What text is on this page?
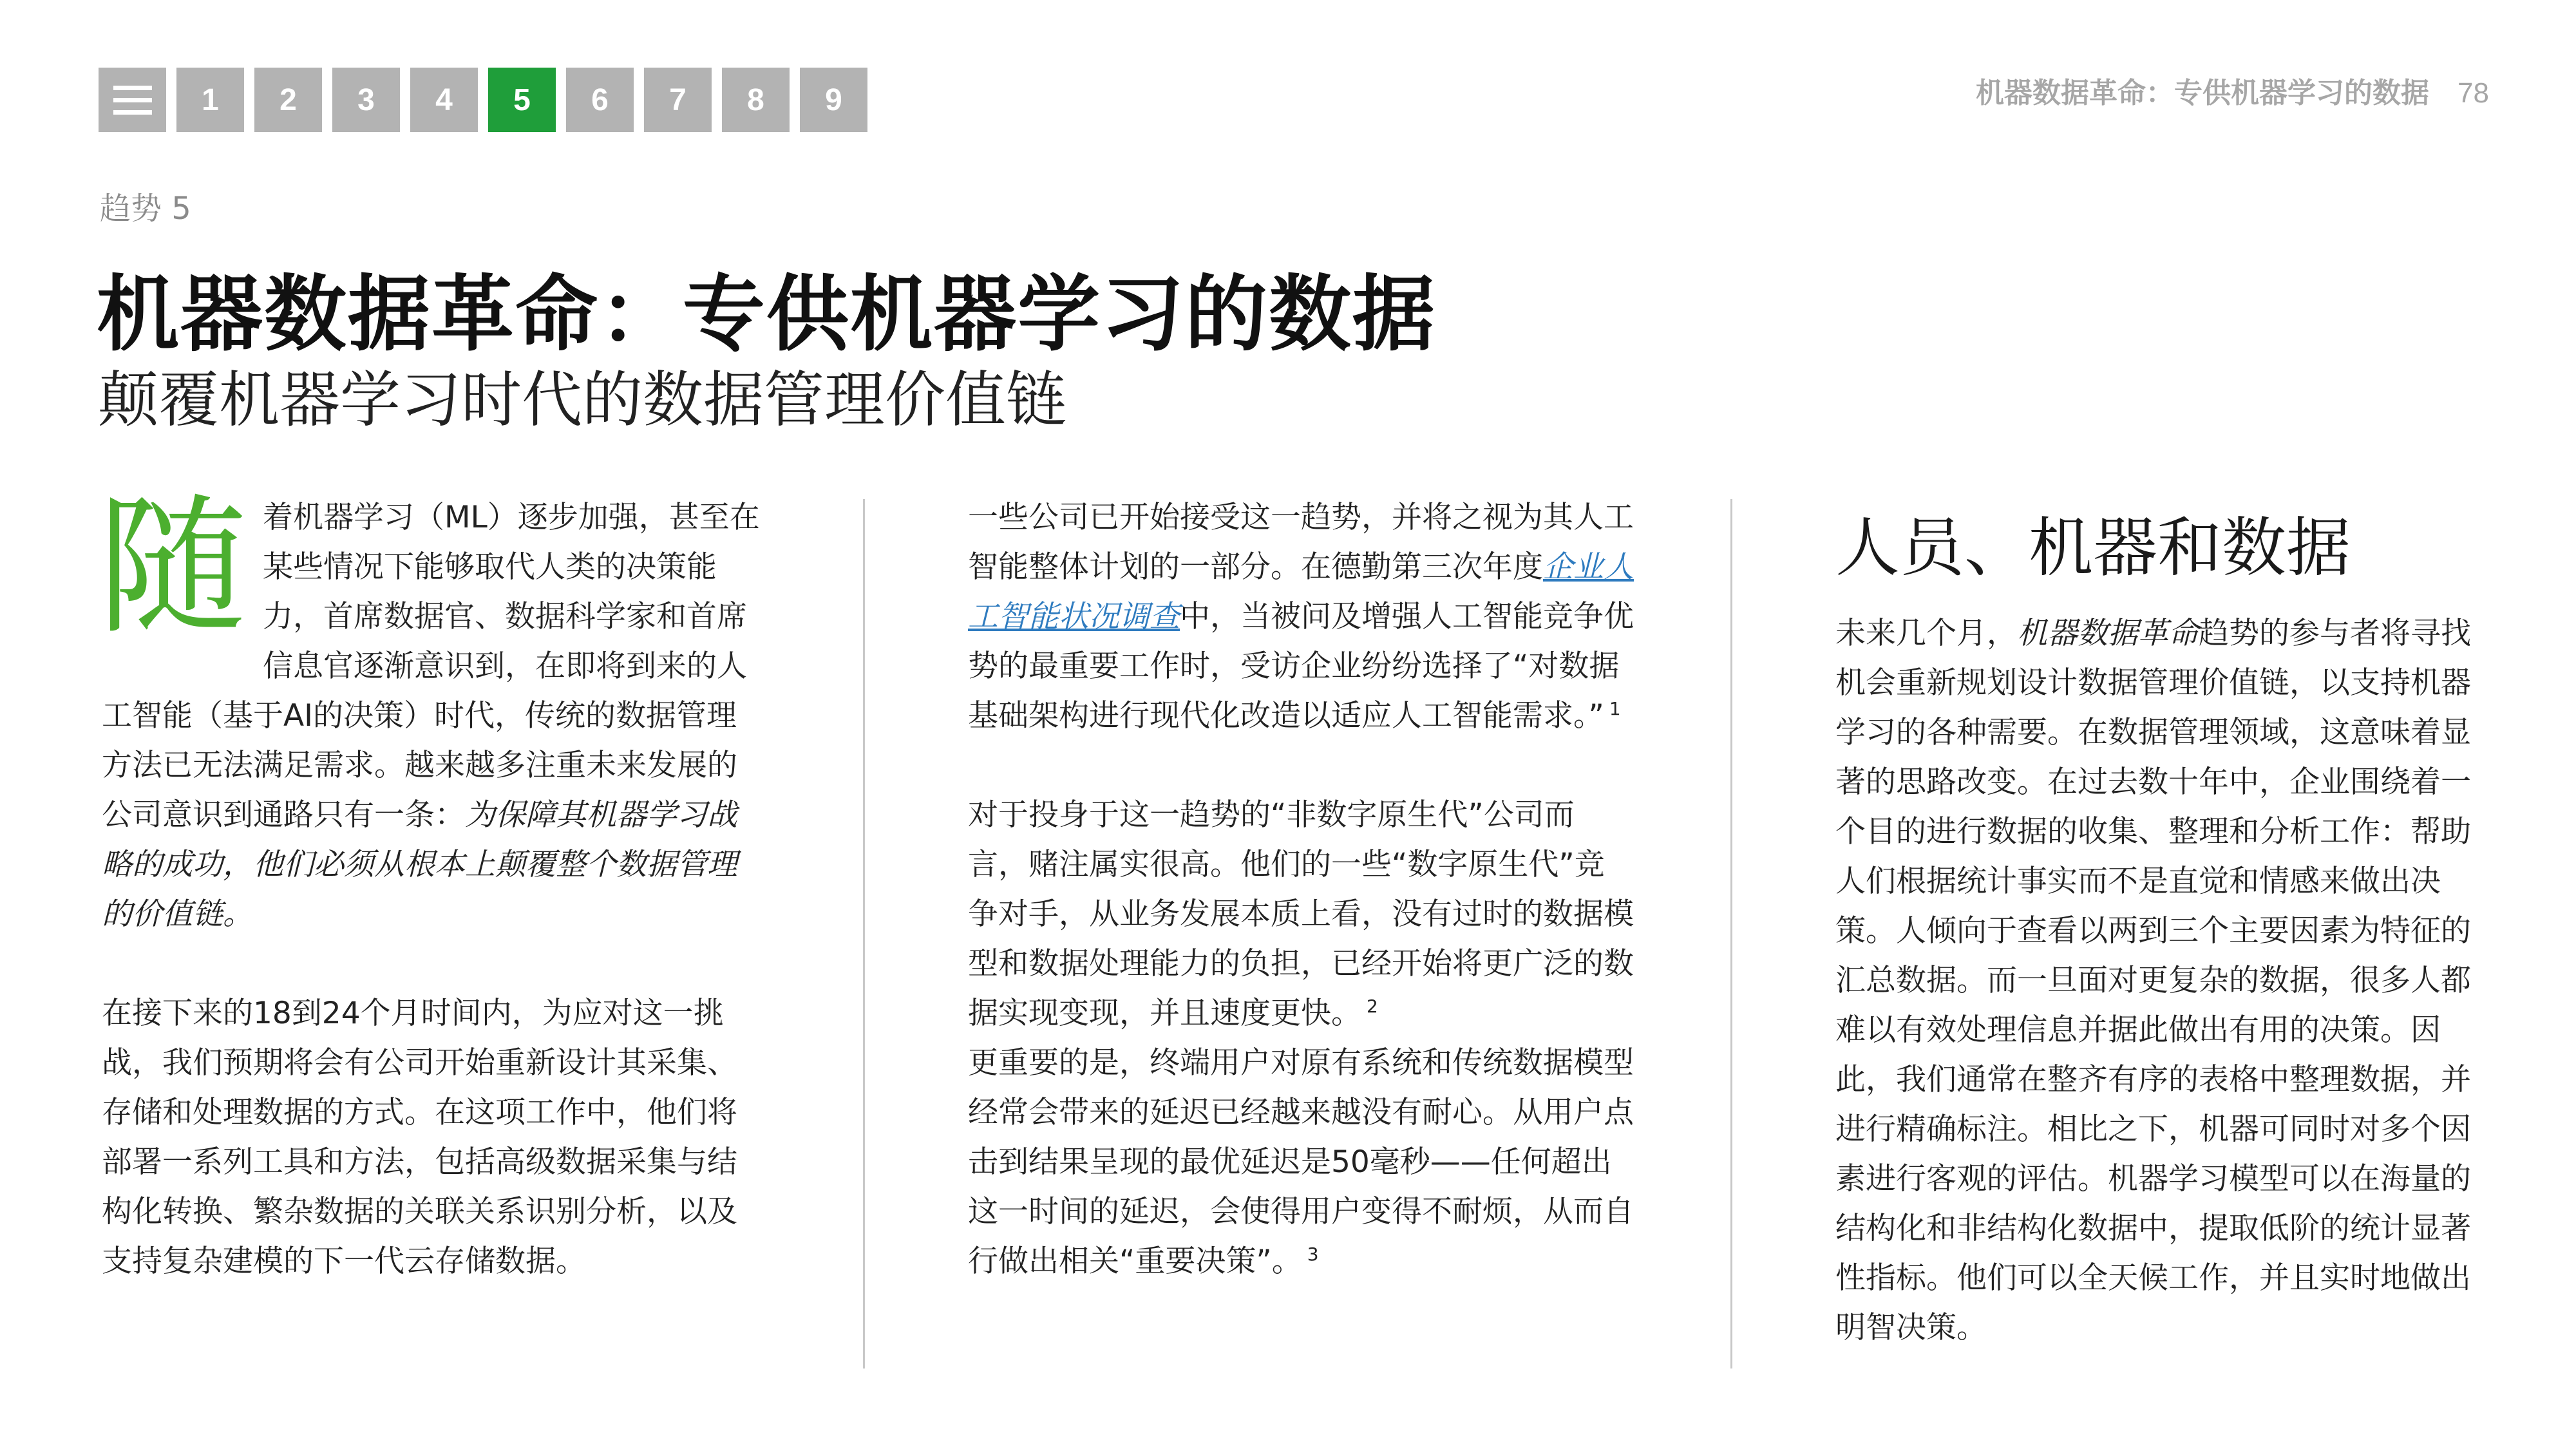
1	2	3	4	5	6	7	8	9	机器数据革命：专供机器学习的数据 78
趋势 5
机器数据革命：专供机器学习的数据
颠覆机器学习时代的数据管理价值链

随着机器学习（ML）逐步加强，甚至在某些情况下能够取代人类的决策能力，首席数据官、数据科学家和首席信息官逐渐意识到，在即将到来的人工智能（基于AI的决策）时代，传统的数据管理方法已无法满足需求。越来越多注重未来发展的公司意识到通路只有一条：为保障其机器学习战略的成功，他们必须从根本上颠覆整个数据管理的价值链。

在接下来的18到24个月时间内，为应对这一挑战，我们预期将会有公司开始重新设计其采集、存储和处理数据的方式。在这项工作中，他们将部署一系列工具和方法，包括高级数据采集与结构化转换、繁杂数据的关联关系识别分析，以及支持复杂建模的下一代云存储数据。

一些公司已开始接受这一趋势，并将之视为其人工智能整体计划的一部分。在德勤第三次年度企业人工智能状况调查中，当被问及增强人工智能竞争优势的最重要工作时，受访企业纷纷选择了“对数据基础架构进行现代化改造以适应人工智能需求。” $^1$

对于投身于这一趋势的“非数字原生代”公司而言，赌注属实很高。他们的一些“数字原生代”竞争对手，从业务发展本质上看，没有过时的数据模型和数据处理能力的负担，已经开始将更广泛的数据实现变现，并且速度更快。 $^2$
更重要的是，终端用户对原有系统和传统数据模型经常会带来的延迟已经越来越没有耐心。从用户点击到结果呈现的最优延迟是50毫秒——任何超出这一时间的延迟，会使得用户变得不耐烦，从而自行做出相关“重要决策”。 $^3$

人员、机器和数据

未来几个月，机器数据革命趋势的参与者将寻找机会重新规划设计数据管理价值链，以支持机器学习的各种需要。在数据管理领域，这意味着显著的思路改变。在过去数十年中，企业围绕着一个目的进行数据的收集、整理和分析工作：帮助人们根据统计事实而不是直觉和情感来做出决策。人倾向于查看以两到三个主要因素为特征的汇总数据。而一旦面对更复杂的数据，很多人都难以有效处理信息并据此做出有用的决策。因此，我们通常在整齐有序的表格中整理数据，并进行精确标注。相比之下，机器可同时对多个因素进行客观的评估。机器学习模型可以在海量的结构化和非结构化数据中，提取低阶的统计显著性指标。他们可以全天候工作，并且实时地做出明智决策。
